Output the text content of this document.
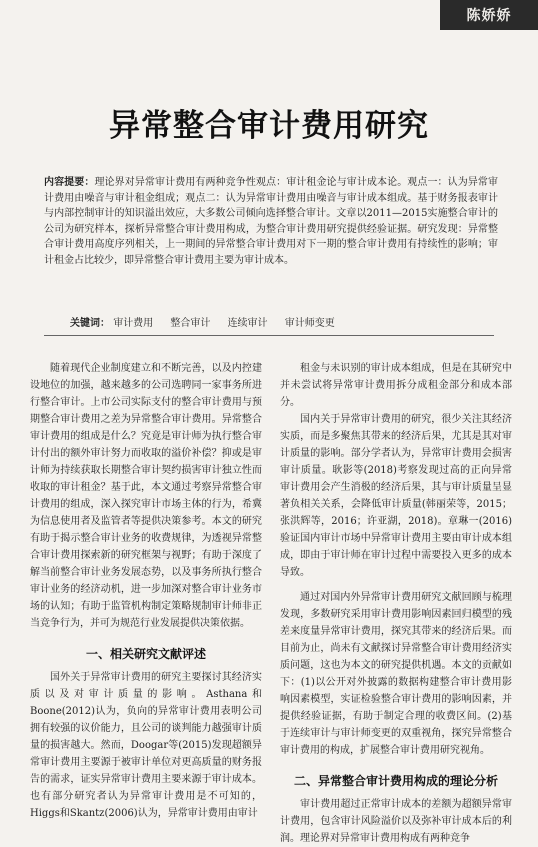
陈娇娇
异常整合审计费用研究
内容提要：理论界对异常审计费用有两种竞争性观点：审计租金论与审计成本论。观点一：认为异常审计费用由噪音与审计租金组成；观点二：认为异常审计费用由噪音与审计成本组成。基于财务报表审计与内部控制审计的知识溢出效应，大多数公司倾向选择整合审计。文章以2011—2015实施整合审计的公司为研究样本，探析异常整合审计费用构成，为整合审计费用研究提供经验证据。研究发现：异常整合审计费用高度序列相关，上一期间的异常整合审计费用对下一期的整合审计费用有持续性的影响；审计租金占比较少，即异常整合审计费用主要为审计成本。
关键词： 审计费用 整合审计 连续审计 审计师变更

随着现代企业制度建立和不断完善，以及内控建设地位的加强，越来越多的公司选聘同一家事务所进行整合审计。上市公司实际支付的整合审计费用与预期整合审计费用之差为异常整合审计费用。异常整合审计费用的组成是什么？究竟是审计师为执行整合审计付出的额外审计努力而收取的溢价补偿？抑或是审计师为持续获取长期整合审计契约损害审计独立性而收取的审计租金？基于此，本文通过考察异常整合审计费用的组成，深入探究审计市场主体的行为，希冀为信息使用者及监管者等提供决策参考。本文的研究有助于揭示整合审计业务的收费规律，为透视异常整合审计费用探索新的研究框架与视野；有助于深度了解当前整合审计业务发展态势，以及事务所执行整合审计业务的经济动机，进一步加深对整合审计业务市场的认知；有助于监管机构制定策略规制审计师非正当竞争行为，并可为规范行业发展提供决策依据。

一、相关研究文献评述

国外关于异常审计费用的研究主要探讨其经济实质以及对审计质量的影响。Asthana和Boone(2012)认为，负向的异常审计费用表明公司拥有较强的议价能力，且公司的谈判能力越强审计质量的损害越大。然而，Doogar等(2015)发现超额异常审计费用主要源于被审计单位对更高质量的财务报告的需求，证实异常审计费用主要来源于审计成本。也有部分研究者认为异常审计费用是不可知的，Higgs和Skantz(2006)认为，异常审计费用由审计

租金与未识别的审计成本组成，但是在其研究中并未尝试将异常审计费用拆分成租金部分和成本部分。

国内关于异常审计费用的研究，很少关注其经济实质，而是多聚焦其带来的经济后果，尤其是其对审计质量的影响。部分学者认为，异常审计费用会损害审计质量。耿影等(2018)考察发现过高的正向异常审计费用会产生消极的经济后果，其与审计质量呈显著负相关关系，会降低审计质量(韩丽荣等，2015；张洪辉等，2016；许亚湖，2018)。章琳一(2016)验证国内审计市场中异常审计费用主要由审计成本组成，即由于审计师在审计过程中需要投入更多的成本导致。

通过对国内外异常审计费用研究文献回顾与梳理发现，多数研究采用审计费用影响因素回归模型的残差来度量异常审计费用，探究其带来的经济后果。而目前为止，尚未有文献探讨异常整合审计费用经济实质问题，这也为本文的研究提供机遇。本文的贡献如下：(1)以公开对外披露的数据构建整合审计费用影响因素模型，实证检验整合审计费用的影响因素，并提供经验证据，有助于制定合理的收费区间。(2)基于连续审计与审计师变更的双重视角，探究异常整合审计费用的构成，扩展整合审计费用研究视角。

二、异常整合审计费用构成的理论分析

审计费用超过正常审计成本的差额为超额异常审计费用，包含审计风险溢价以及弥补审计成本后的利润。理论界对异常审计费用构成有两种竞争
